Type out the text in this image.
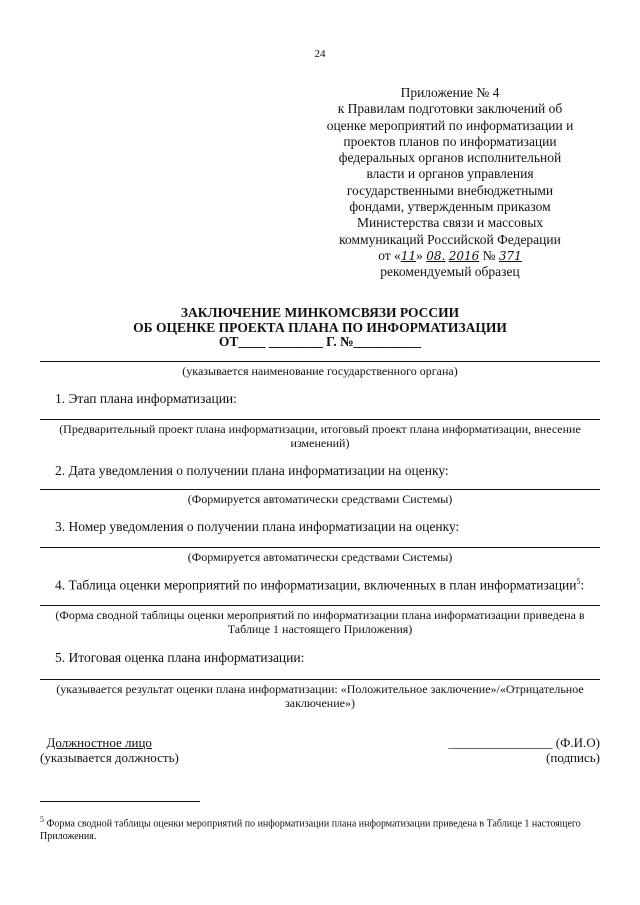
24
Приложение № 4
к Правилам подготовки заключений об
оценке мероприятий по информатизации и
проектов планов по информатизации
федеральных органов исполнительной
власти и органов управления
государственными внебюджетными
фондами, утвержденным приказом
Министерства связи и массовых
коммуникаций Российской Федерации
от «11» 08. 2016 № 371
рекомендуемый образец
ЗАКЛЮЧЕНИЕ МИНКОМСВЯЗИ РОССИИ
ОБ ОЦЕНКЕ ПРОЕКТА ПЛАНА ПО ИНФОРМАТИЗАЦИИ
ОТ____ ________ Г. №__________
(указывается наименование государственного органа)
1. Этап плана информатизации:
(Предварительный проект плана информатизации, итоговый проект плана информатизации, внесение изменений)
2. Дата уведомления о получении плана информатизации на оценку:
(Формируется автоматически средствами Системы)
3. Номер уведомления о получении плана информатизации на оценку:
(Формируется автоматически средствами Системы)
4. Таблица оценки мероприятий по информатизации, включенных в план информатизации$^5$:
(Форма сводной таблицы оценки мероприятий по информатизации плана информатизации приведена в Таблице 1 настоящего Приложения)
5. Итоговая оценка плана информатизации:
(указывается результат оценки плана информатизации: «Положительное заключение»/«Отрицательное заключение»)
Должностное лицо
(указывается должность)
________________ (Ф.И.О)
(подпись)
$^5$ Форма сводной таблицы оценки мероприятий по информатизации плана информатизации приведена в Таблице 1 настоящего Приложения.
